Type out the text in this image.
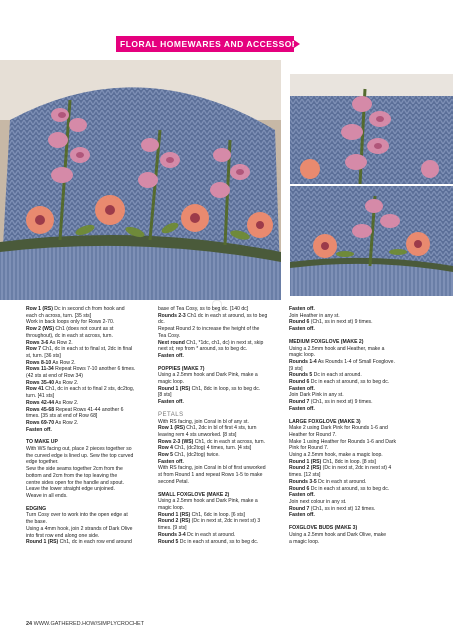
FLORAL HOMEWARES AND ACCESSORIES

Row 1 (RS) Dc in second ch from hook and

each ch across, turn. [35 sts]

Work in back loops only for Rows 2-70.

Row 2 (WS) Ch1 (does not count as st

throughout), dc in each st across, turn.

Rows 3-6 As Row 2.

Row 7 Ch1, dc in each st to final st, 2dc in final

st, turn. [36 sts]

Rows 8-10 As Row 2.

Rows 11-34 Repeat Rows 7-10 another 6 times.

(42 sts at end of Row 34)

Rows 35-40 As Row 2.

Row 41 Ch1, dc in each st to final 2 sts, dc2tog,

turn. [41 sts]

Rows 42-44 As Row 2.

Rows 45-68 Repeat Rows 41-44 another 6

times. [35 sts at end of Row 68]

Rows 69-70 As Row 2.

Fasten off.

TO MAKE UP

With WS facing out, place 2 pieces together so

the curved edge is lined up. Sew the top curved

edge together.

Sew the side seams together 2cm from the

bottom and 2cm from the top leaving the

centre sides open for the handle and spout.

Leave the lower straight edge unjoined.

Weave in all ends.

EDGING

Turn Cosy over to work into the open edge at

the base.

Using a 4mm hook, join 2 strands of Dark Olive

into first row end along one side.

Round 1 (RS) Ch1, dc in each row end around

base of Tea Cosy, ss to beg dc. [140 dc]

Rounds 2-3 Ch1 dc in each st around, ss to beg

dc.

Repeat Round 2 to increase the height of the

Tea Cosy.

Next round Ch1, *1dc, ch1, dc) in next st, skip

next st; rep from * around, ss to beg dc.

Fasten off.

POPPIES (MAKE 7)

Using a 2.5mm hook and Dark Pink, make a

magic loop.

Round 1 (RS) Ch1, 8dc in loop, ss to beg dc.

[8 sts]

Fasten off.

PETALS

With RS facing, join Coral in bl of any st.

Row 1 (RS) Ch1, 2dc in bl of first 4 sts, turn

leaving rem 4 sts unworked. [8 sts]

Rows 2-3 (WS) Ch1, dc in each st across, turn.

Row 4 Ch1, (dc2tog) 4 times, turn. [4 sts]

Row 5 Ch1, (dc2tog) twice.

Fasten off.

With RS facing, join Coral in bl of first unworked

st from Round 1 and repeat Rows 1-5 to make

second Petal.

SMALL FOXGLOVE (MAKE 2)

Using a 2.5mm hook and Dark Pink, make a

magic loop.

Round 1 (RS) Ch1, 6dc in loop. [6 sts]

Round 2 (RS) (Dc in next st, 2dc in next st) 3

times. [9 sts]

Rounds 3-4 Dc in each st around.

Round 5 Dc in each st around, ss to beg dc.

Fasten off.

Join Heather in any st.

Round 6 (Ch1, ss in next st) 9 times.

Fasten off.

MEDIUM FOXGLOVE (MAKE 2)

Using a 2.5mm hook and Heather, make a

magic loop.

Rounds 1-4 As Rounds 1-4 of Small Foxglove.

[9 sts]

Rounds 5 Dc in each st around.

Round 6 Dc in each st around, ss to beg dc.

Fasten off.

Join Dark Pink in any st.

Round 7 (Ch1, ss in next st) 9 times.

Fasten off.

LARGE FOXGLOVE (MAKE 3)

Make 2 using Dark Pink for Rounds 1-6 and

Heather for Round 7.

Make 1 using Heather for Rounds 1-6 and Dark

Pink for Round 7.

Using a 2.5mm hook, make a magic loop.

Round 1 (RS) Ch1, 8dc in loop. [8 sts]

Round 2 (RS) (Dc in next st, 2dc in next st) 4

times. [12 sts]

Rounds 3-5 Dc in each st around.

Round 6 Dc in each st around, ss to beg dc.

Fasten off.

Join next colour in any st.

Round 7 (Ch1, ss in next st) 12 times.

Fasten off.

FOXGLOVE BUDS (MAKE 3)

Using a 2.5mm hook and Dark Olive, make

a magic loop.

24 WWW.GATHERED.HOW/SIMPLYCROCHET
